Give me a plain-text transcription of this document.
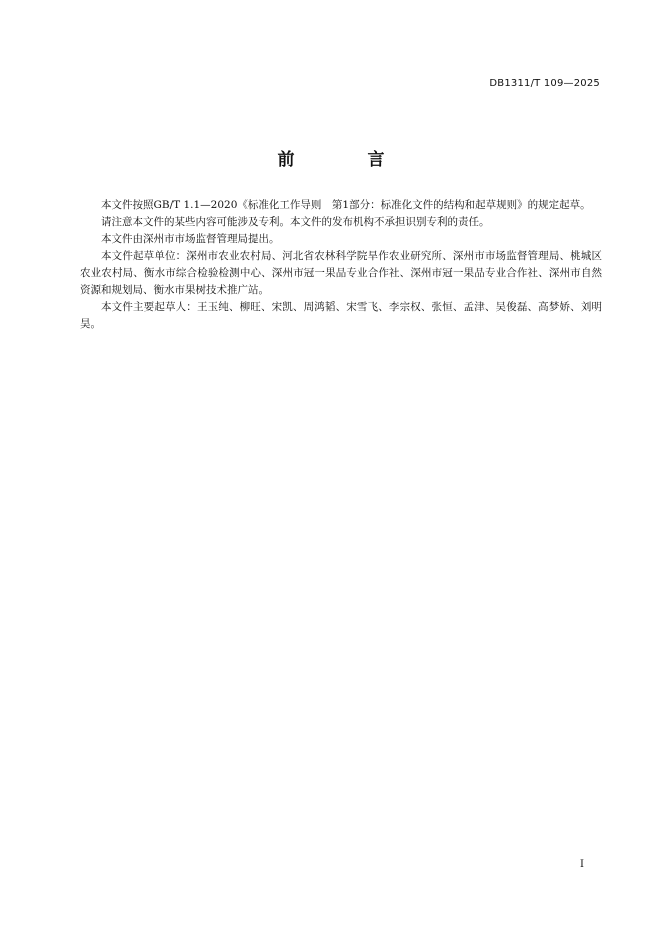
DB1311/T 109—2025
前　言

本文件按照GB/T 1.1—2020《标准化工作导则　第1部分：标准化文件的结构和起草规则》的规定起草。

请注意本文件的某些内容可能涉及专利。本文件的发布机构不承担识别专利的责任。

本文件由深州市市场监督管理局提出。

本文件起草单位：深州市农业农村局、河北省农林科学院旱作农业研究所、深州市市场监督管理局、桃城区农业农村局、衡水市综合检验检测中心、深州市冠一果品专业合作社、深州市冠一果品专业合作社、深州市自然资源和规划局、衡水市果树技术推广站。

本文件主要起草人：王玉纯、柳旺、宋凯、周鸿韬、宋雪飞、李宗权、张恒、孟津、吴俊磊、高梦娇、刘明昊。

I
